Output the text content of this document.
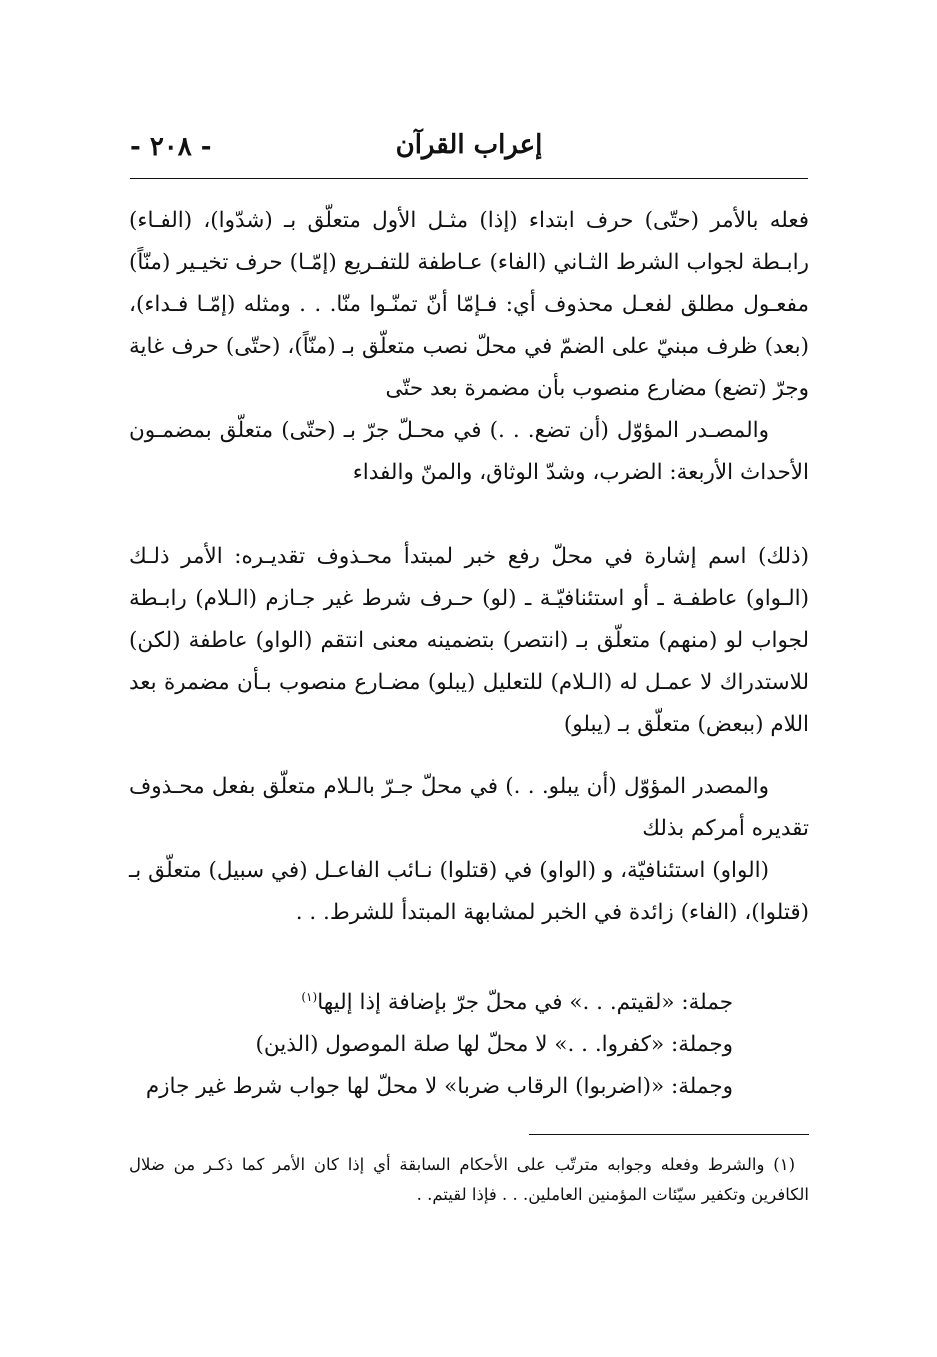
- ٢٠٨ -	إعراب القرآن

فعله بالأمر (حتّى) حرف ابتداء (إذا) مثـل الأول متعلّق بـ (شدّوا)، (الفـاء) رابـطة لجواب الشرط الثـاني (الفاء) عـاطفة للتفـريع (إمّـا) حرف تخيـير (منّاً) مفعـول مطلق لفعـل محذوف أي: فـإمّا أنّ تمنّـوا منّا. . . ومثله (إمّـا فـداء)، (بعد) ظرف مبنيّ على الضمّ في محلّ نصب متعلّق بـ (منّاً)، (حتّى) حرف غاية وجرّ (تضع) مضارع منصوب بأن مضمرة بعد حتّى

والمصـدر المؤوّل (أن تضع. . .) في محـلّ جرّ بـ (حتّى) متعلّق بمضمـون الأحداث الأربعة: الضرب، وشدّ الوثاق، والمنّ والفداء

(ذلك) اسم إشارة في محلّ رفع خبر لمبتدأ محـذوف تقديـره: الأمر ذلـك (الـواو) عاطفـة ـ أو استئنافيّـة ـ (لو) حـرف شرط غير جـازم (الـلام) رابـطة لجواب لو (منهم) متعلّق بـ (انتصر) بتضمينه معنى انتقم (الواو) عاطفة (لكن) للاستدراك لا عمـل له (الـلام) للتعليل (يبلو) مضـارع منصوب بـأن مضمرة بعد اللام (ببعض) متعلّق بـ (يبلو)

والمصدر المؤوّل (أن يبلو. . .) في محلّ جـرّ بالـلام متعلّق بفعل محـذوف تقديره أمركم بذلك

(الواو) استئنافيّة، و (الواو) في (قتلوا) نـائب الفاعـل (في سبيل) متعلّق بـ (قتلوا)، (الفاء) زائدة في الخبر لمشابهة المبتدأ للشرط. . .

جملة: «لقيتم. . .» في محلّ جرّ بإضافة إذا إليها$^{(١)}$
وجملة: «كفروا. . .» لا محلّ لها صلة الموصول (الذين)
وجملة: «(اضربوا) الرقاب ضربا» لا محلّ لها جواب شرط غير جازم

(١) والشرط وفعله وجوابه مترتّب على الأحكام السابقة أي إذا كان الأمر كما ذكـر من ضلال الكافرين وتكفير سيّئات المؤمنين العاملين. . . فإذا لقيتم. .
